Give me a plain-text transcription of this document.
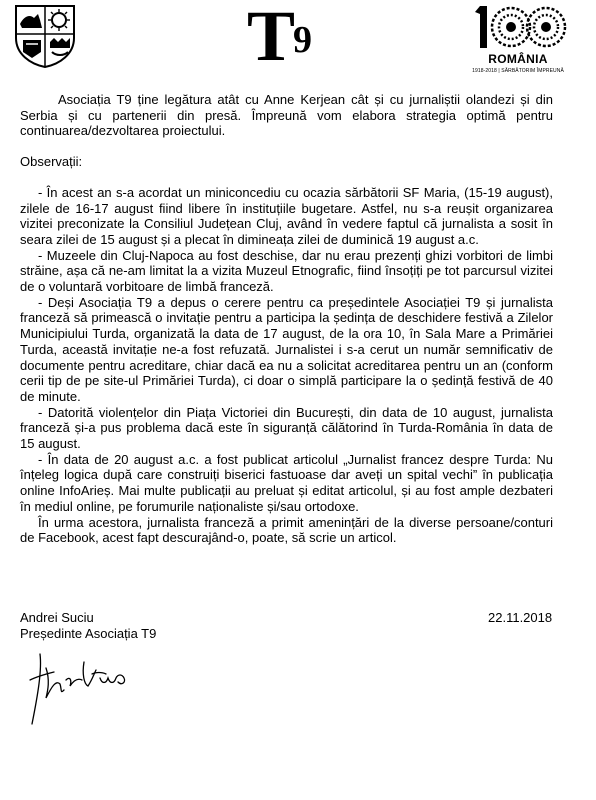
$T^9$	ROMÂNIA
1918-2018 | SĂRBĂTORIM ÎMPREUNĂ

Asociația T9 ține legătura atât cu Anne Kerjean cât și cu jurnaliștii olandezi și din Serbia și cu partenerii din presă. Împreună vom elabora strategia optimă pentru continuarea/dezvoltarea proiectului.

Observații:

- În acest an s-a acordat un miniconcediu cu ocazia sărbătorii SF Maria, (15-19 august), zilele de 16-17 august fiind libere în instituțiile bugetare. Astfel, nu s-a reușit organizarea vizitei preconizate la Consiliul Județean Cluj, având în vedere faptul că jurnalista a sosit în seara zilei de 15 august și a plecat în dimineața zilei de duminică 19 august a.c.

- Muzeele din Cluj-Napoca au fost deschise, dar nu erau prezenți ghizi vorbitori de limbi străine, așa că ne-am limitat la a vizita Muzeul Etnografic, fiind însoțiți pe tot parcursul vizitei de o voluntară vorbitoare de limbă franceză.

- Deși Asociația T9 a depus o cerere pentru ca președintele Asociației T9 și jurnalista franceză să primească o invitație pentru a participa la ședința de deschidere festivă a Zilelor Municipiului Turda, organizată la data de 17 august, de la ora 10, în Sala Mare a Primăriei Turda, această invitație ne-a fost refuzată. Jurnalistei i s-a cerut un număr semnificativ de documente pentru acreditare, chiar dacă ea nu a solicitat acreditarea pentru un an (conform cerii tip de pe site-ul Primăriei Turda), ci doar o simplă participare la o ședință festivă de 40 de minute.

- Datorită violențelor din Piața Victoriei din București, din data de 10 august, jurnalista franceză și-a pus problema dacă este în siguranță călătorind în Turda-România în data de 15 august.

- În data de 20 august a.c. a fost publicat articolul „Jurnalist francez despre Turda: Nu înțeleg logica după care construiți biserici fastuoase dar aveți un spital vechi” în publicația online InfoArieș. Mai multe publicații au preluat și editat articolul, și au fost ample dezbateri în mediul online, pe forumurile naționaliste și/sau ortodoxe.

În urma acestora, jurnalista franceză a primit amenințări de la diverse persoane/conturi de Facebook, acest fapt descurajând-o, poate, să scrie un articol.

Andrei Suciu
Președinte Asociația T9
22.11.2018
